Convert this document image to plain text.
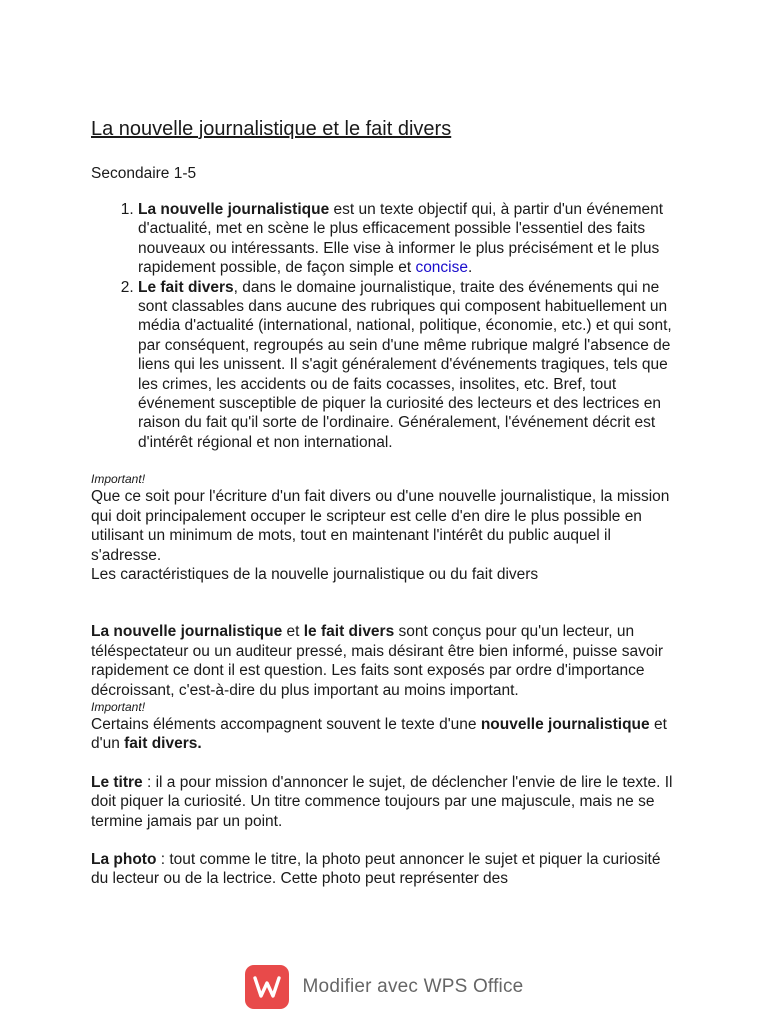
La nouvelle journalistique et le fait divers

Secondaire 1-5

1. La nouvelle journalistique est un texte objectif qui, à partir d'un événement d'actualité, met en scène le plus efficacement possible l'essentiel des faits nouveaux ou intéressants. Elle vise à informer le plus précisément et le plus rapidement possible, de façon simple et concise.
2. Le fait divers, dans le domaine journalistique, traite des événements qui ne sont classables dans aucune des rubriques qui composent habituellement un média d'actualité (international, national, politique, économie, etc.) et qui sont, par conséquent, regroupés au sein d'une même rubrique malgré l'absence de liens qui les unissent. Il s'agit généralement d'événements tragiques, tels que les crimes, les accidents ou de faits cocasses, insolites, etc. Bref, tout événement susceptible de piquer la curiosité des lecteurs et des lectrices en raison du fait qu'il sorte de l'ordinaire. Généralement, l'événement décrit est d'intérêt régional et non international.

Important!

Que ce soit pour l'écriture d'un fait divers ou d'une nouvelle journalistique, la mission qui doit principalement occuper le scripteur est celle d'en dire le plus possible en utilisant un minimum de mots, tout en maintenant l'intérêt du public auquel il s'adresse.

Les caractéristiques de la nouvelle journalistique ou du fait divers

La nouvelle journalistique et le fait divers sont conçus pour qu'un lecteur, un téléspectateur ou un auditeur pressé, mais désirant être bien informé, puisse savoir rapidement ce dont il est question. Les faits sont exposés par ordre d'importance décroissant, c'est-à-dire du plus important au moins important.

Important!

Certains éléments accompagnent souvent le texte d'une nouvelle journalistique et d'un fait divers.

Le titre : il a pour mission d'annoncer le sujet, de déclencher l'envie de lire le texte. Il doit piquer la curiosité. Un titre commence toujours par une majuscule, mais ne se termine jamais par un point.

La photo : tout comme le titre, la photo peut annoncer le sujet et piquer la curiosité du lecteur ou de la lectrice. Cette photo peut représenter des

Modifier avec WPS Office
